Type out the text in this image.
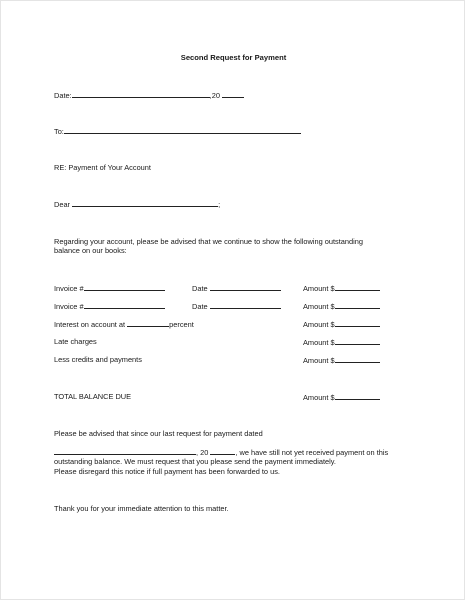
Second Request for Payment

Date:	,20

To:

RE: Payment of Your Account

Dear	;

Regarding your account, please be advised that we continue to show the following outstanding

balance on our books:

Invoice #	Date	Amount $

Invoice #	Date	Amount $

Interest on account at	percent	Amount $

Late charges	Amount $

Less credits and payments	Amount $

TOTAL BALANCE DUE	Amount $

Please be advised that since our last request for payment dated

, 20	, we have still not yet received payment on this

outstanding balance. We must request that you please send the payment immediately.

Please disregard this notice if full payment has been forwarded to us.

Thank you for your immediate attention to this matter.
